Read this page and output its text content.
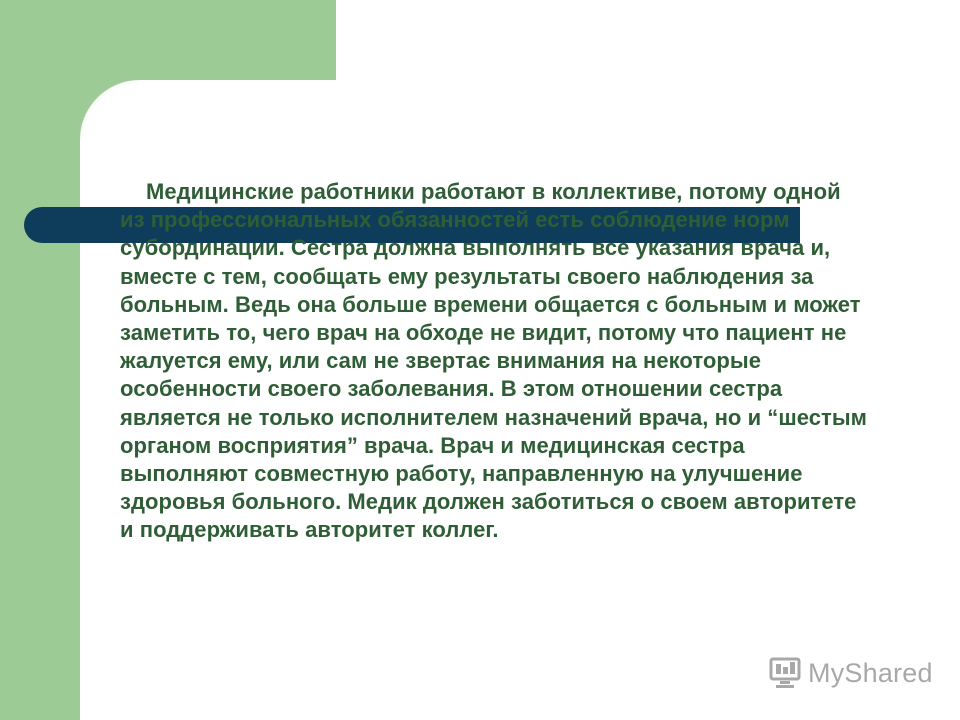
Медицинские работники работают в коллективе, потому одной из профессиональных обязанностей есть соблюдение норм субординации. Сестра должна выполнять все указания врача и, вместе с тем, сообщать ему результаты своего наблюдения за больным. Ведь она больше времени общается с больным и может заметить то, чего врач на обходе не видит, потому что пациент не жалуется ему, или сам не звертає внимания на некоторые особенности своего заболевания. В этом отношении сестра является не только исполнителем назначений врача, но и “шестым органом восприятия” врача. Врач и медицинская сестра выполняют совместную работу, направленную на улучшение здоровья больного. Медик должен заботиться о своем авторитете и поддерживать авторитет коллег.

MyShared
